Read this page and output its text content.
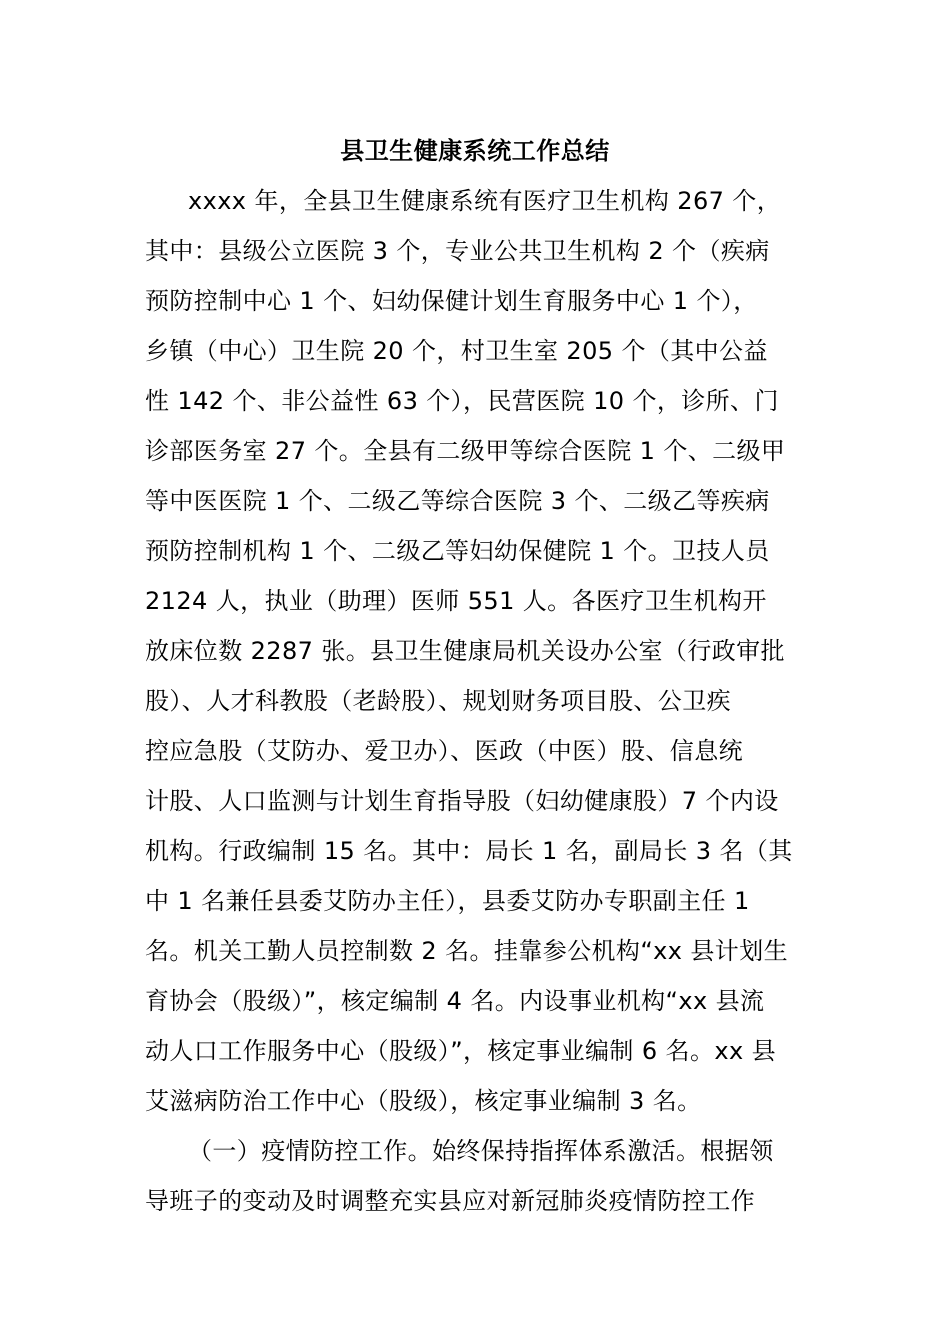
县卫生健康系统工作总结
xxxx 年，全县卫生健康系统有医疗卫生机构 267 个，
其中：县级公立医院 3 个，专业公共卫生机构 2 个（疾病
预防控制中心 1 个、妇幼保健计划生育服务中心 1 个），
乡镇（中心）卫生院 20 个，村卫生室 205 个（其中公益
性 142 个、非公益性 63 个），民营医院 10 个，诊所、门
诊部医务室 27 个。全县有二级甲等综合医院 1 个、二级甲
等中医医院 1 个、二级乙等综合医院 3 个、二级乙等疾病
预防控制机构 1 个、二级乙等妇幼保健院 1 个。卫技人员
2124 人，执业（助理）医师 551 人。各医疗卫生机构开
放床位数 2287 张。县卫生健康局机关设办公室（行政审批
股）、人才科教股（老龄股）、规划财务项目股、公卫疾
控应急股（艾防办、爱卫办）、医政（中医）股、信息统
计股、人口监测与计划生育指导股（妇幼健康股）7 个内设
机构。行政编制 15 名。其中：局长 1 名，副局长 3 名（其
中 1 名兼任县委艾防办主任），县委艾防办专职副主任 1
名。机关工勤人员控制数 2 名。挂靠参公机构“xx 县计划生
育协会（股级）”，核定编制 4 名。内设事业机构“xx 县流
动人口工作服务中心（股级）”，核定事业编制 6 名。xx 县
艾滋病防治工作中心（股级），核定事业编制 3 名。
（一）疫情防控工作。始终保持指挥体系激活。根据领
导班子的变动及时调整充实县应对新冠肺炎疫情防控工作
